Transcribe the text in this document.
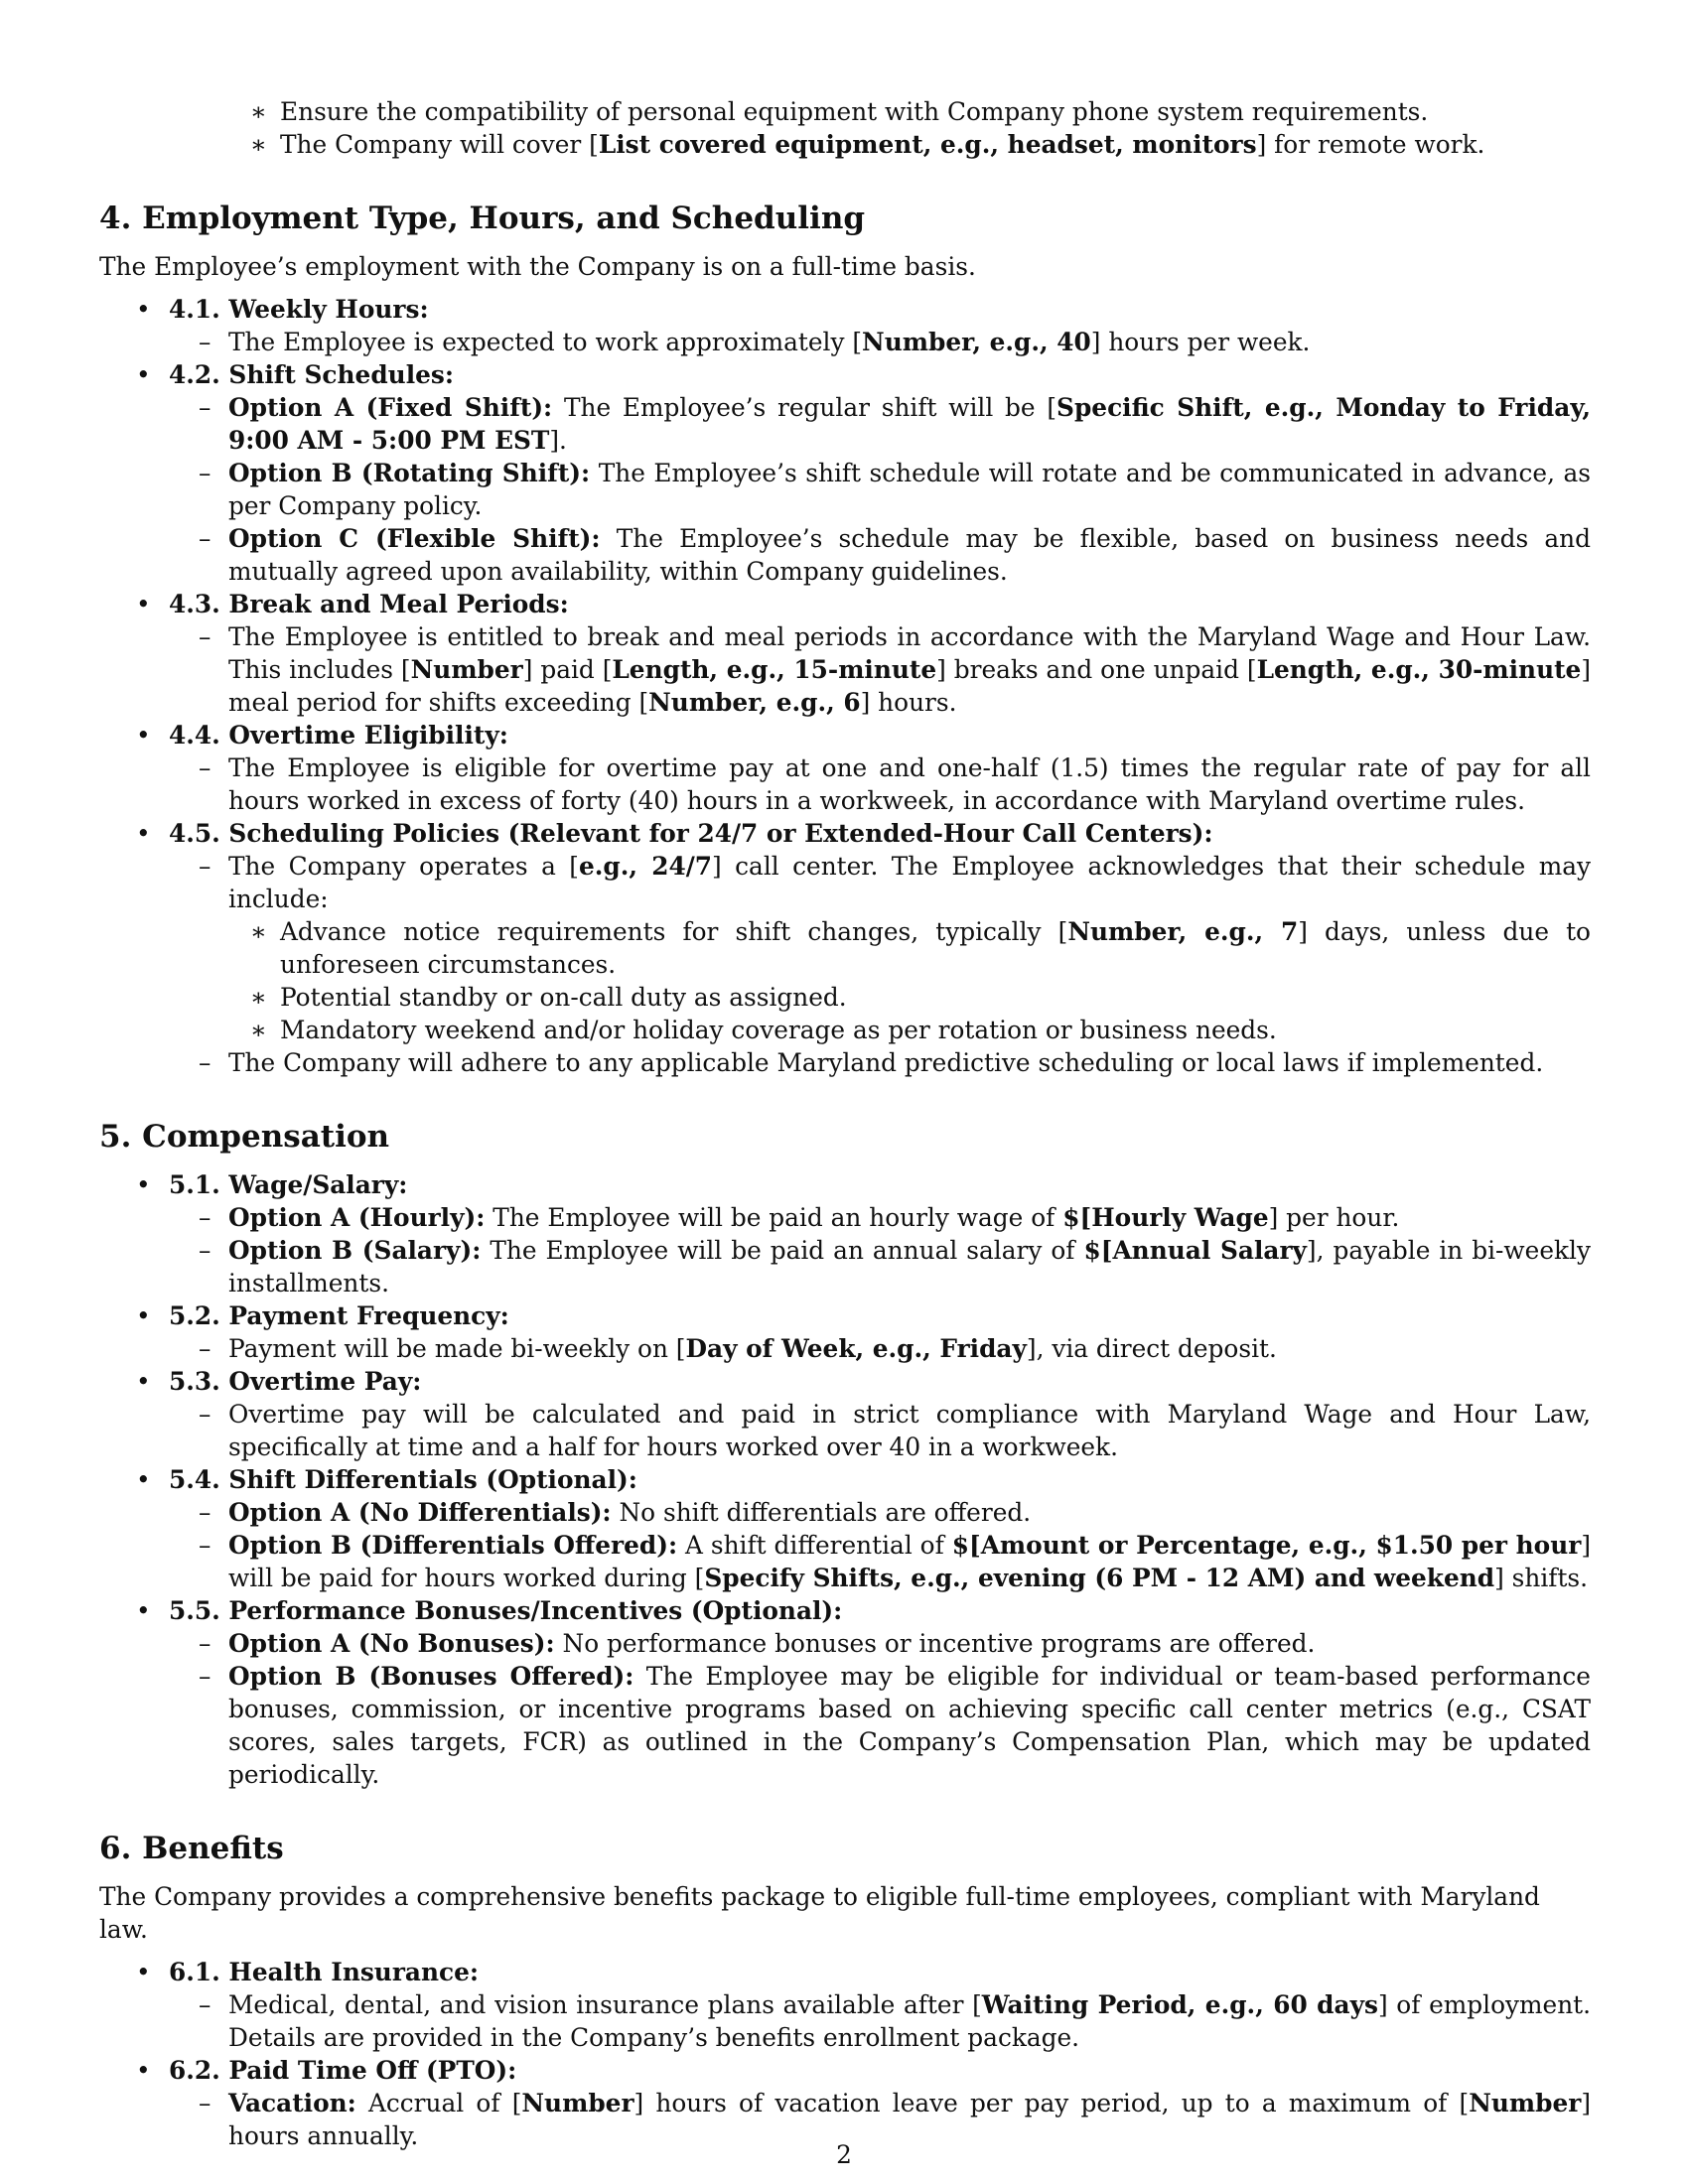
∗ Ensure the compatibility of personal equipment with Company phone system requirements.
∗ The Company will cover [List covered equipment, e.g., headset, monitors] for remote work.
4. Employment Type, Hours, and Scheduling

The Employee’s employment with the Company is on a full-time basis.

• 4.1. Weekly Hours:
– The Employee is expected to work approximately [Number, e.g., 40] hours per week.
• 4.2. Shift Schedules:
– Option A (Fixed Shift): The Employee’s regular shift will be [Specific Shift, e.g., Monday to Friday, 9:00 AM - 5:00 PM EST].
– Option B (Rotating Shift): The Employee’s shift schedule will rotate and be communicated in advance, as per Company policy.
– Option C (Flexible Shift): The Employee’s schedule may be flexible, based on business needs and mutually agreed upon availability, within Company guidelines.
• 4.3. Break and Meal Periods:
– The Employee is entitled to break and meal periods in accordance with the Maryland Wage and Hour Law. This includes [Number] paid [Length, e.g., 15-minute] breaks and one unpaid [Length, e.g., 30-minute] meal period for shifts exceeding [Number, e.g., 6] hours.
• 4.4. Overtime Eligibility:
– The Employee is eligible for overtime pay at one and one-half (1.5) times the regular rate of pay for all hours worked in excess of forty (40) hours in a workweek, in accordance with Maryland overtime rules.
• 4.5. Scheduling Policies (Relevant for 24/7 or Extended-Hour Call Centers):
– The Company operates a [e.g., 24/7] call center. The Employee acknowledges that their schedule may include:
∗ Advance notice requirements for shift changes, typically [Number, e.g., 7] days, unless due to unforeseen circumstances.
∗ Potential standby or on-call duty as assigned.
∗ Mandatory weekend and/or holiday coverage as per rotation or business needs.
– The Company will adhere to any applicable Maryland predictive scheduling or local laws if implemented.
5. Compensation
• 5.1. Wage/Salary:
– Option A (Hourly): The Employee will be paid an hourly wage of $[Hourly Wage] per hour.
– Option B (Salary): The Employee will be paid an annual salary of $[Annual Salary], payable in bi-weekly installments.
• 5.2. Payment Frequency:
– Payment will be made bi-weekly on [Day of Week, e.g., Friday], via direct deposit.
• 5.3. Overtime Pay:
– Overtime pay will be calculated and paid in strict compliance with Maryland Wage and Hour Law, specifically at time and a half for hours worked over 40 in a workweek.
• 5.4. Shift Differentials (Optional):
– Option A (No Differentials): No shift differentials are offered.
– Option B (Differentials Offered): A shift differential of $[Amount or Percentage, e.g., $1.50 per hour] will be paid for hours worked during [Specify Shifts, e.g., evening (6 PM - 12 AM) and weekend] shifts.
• 5.5. Performance Bonuses/Incentives (Optional):
– Option A (No Bonuses): No performance bonuses or incentive programs are offered.
– Option B (Bonuses Offered): The Employee may be eligible for individual or team-based performance bonuses, commission, or incentive programs based on achieving specific call center metrics (e.g., CSAT scores, sales targets, FCR) as outlined in the Company’s Compensation Plan, which may be updated periodically.
6. Benefits

The Company provides a comprehensive benefits package to eligible full-time employees, compliant with Maryland law.

• 6.1. Health Insurance:
– Medical, dental, and vision insurance plans available after [Waiting Period, e.g., 60 days] of employment. Details are provided in the Company’s benefits enrollment package.
• 6.2. Paid Time Off (PTO):
– Vacation: Accrual of [Number] hours of vacation leave per pay period, up to a maximum of [Number] hours annually.
2
